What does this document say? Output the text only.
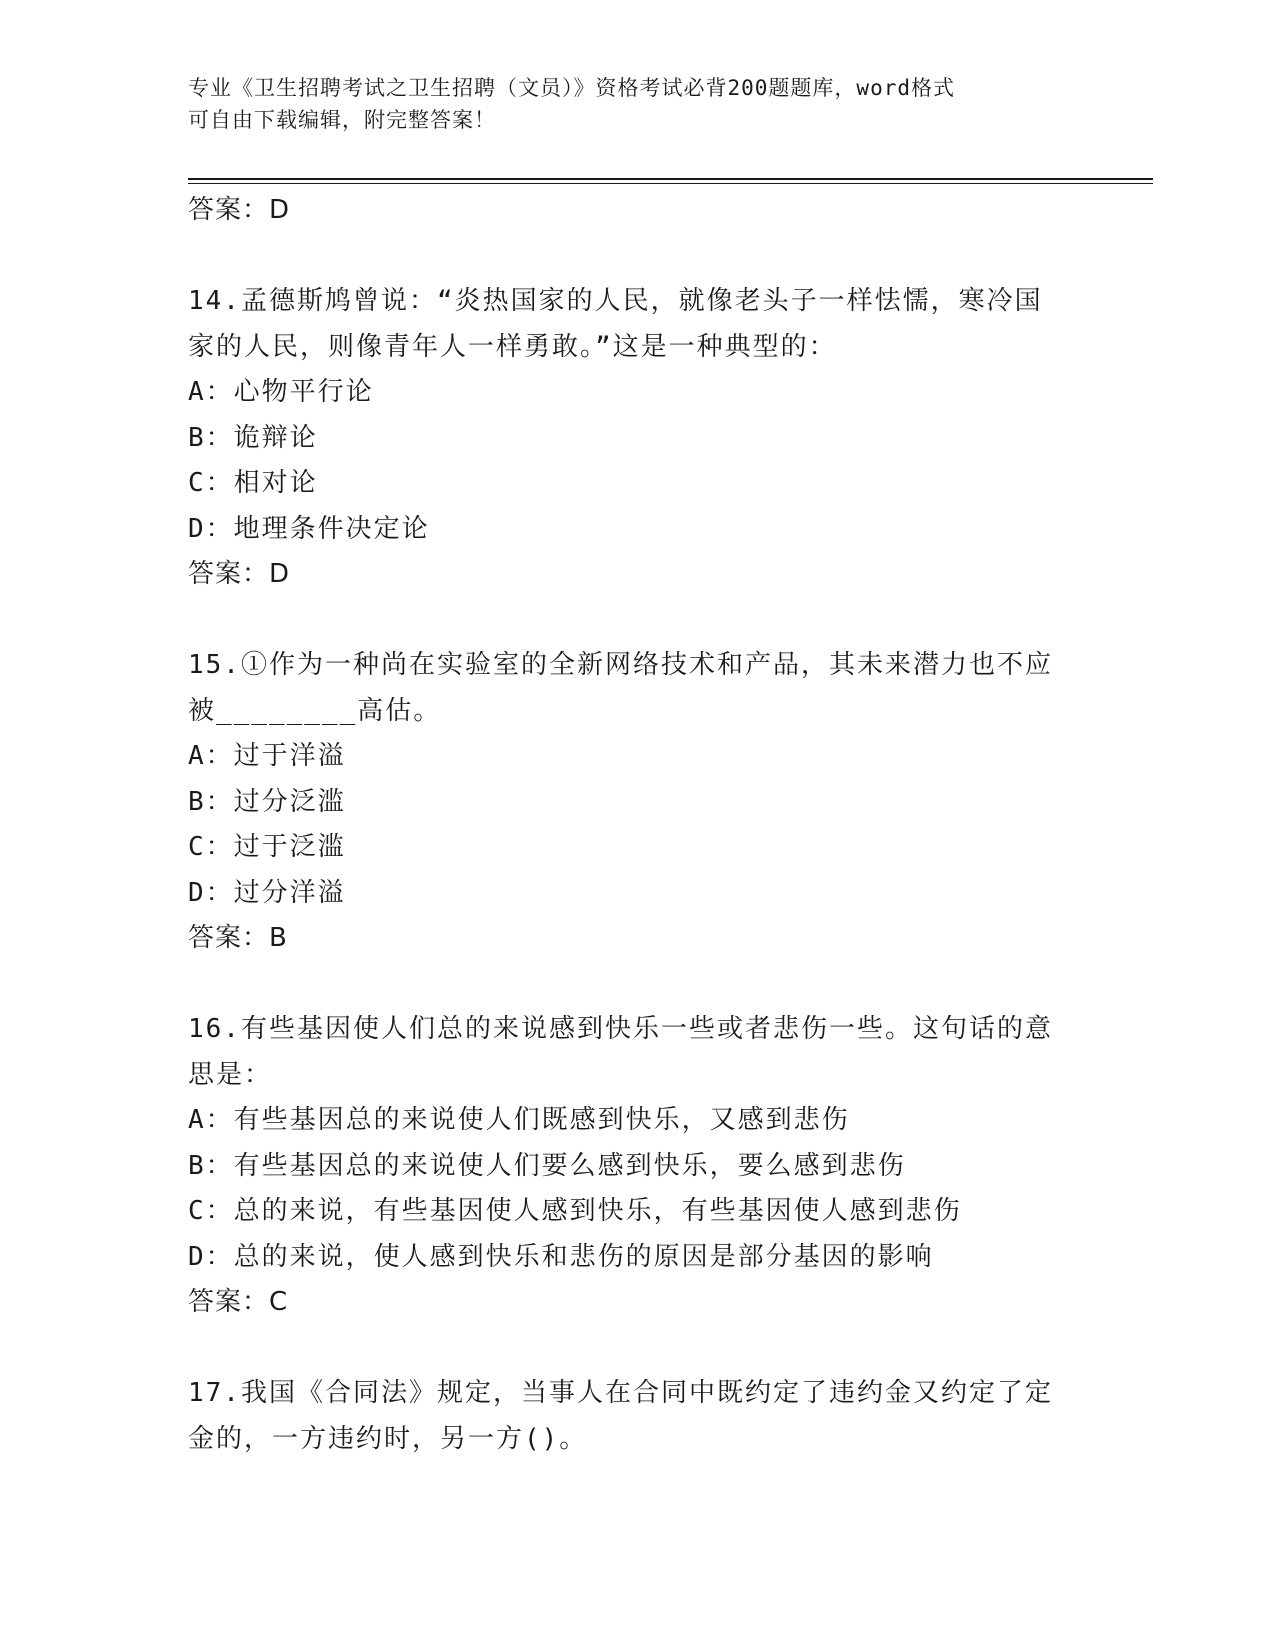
专业《卫生招聘考试之卫生招聘（文员）》资格考试必背200题题库，word格式
可自由下载编辑，附完整答案！
答案：D
14.孟德斯鸠曾说：“炎热国家的人民，就像老头子一样怯懦，寒冷国
家的人民，则像青年人一样勇敢。”这是一种典型的：
A：心物平行论
B：诡辩论
C：相对论
D：地理条件决定论
答案：D
15.①作为一种尚在实验室的全新网络技术和产品，其未来潜力也不应
被________高估。
A：过于洋溢
B：过分泛滥
C：过于泛滥
D：过分洋溢
答案：B
16.有些基因使人们总的来说感到快乐一些或者悲伤一些。这句话的意
思是：
A：有些基因总的来说使人们既感到快乐，又感到悲伤
B：有些基因总的来说使人们要么感到快乐，要么感到悲伤
C：总的来说，有些基因使人感到快乐，有些基因使人感到悲伤
D：总的来说，使人感到快乐和悲伤的原因是部分基因的影响
答案：C
17.我国《合同法》规定，当事人在合同中既约定了违约金又约定了定
金的，一方违约时，另一方()。
